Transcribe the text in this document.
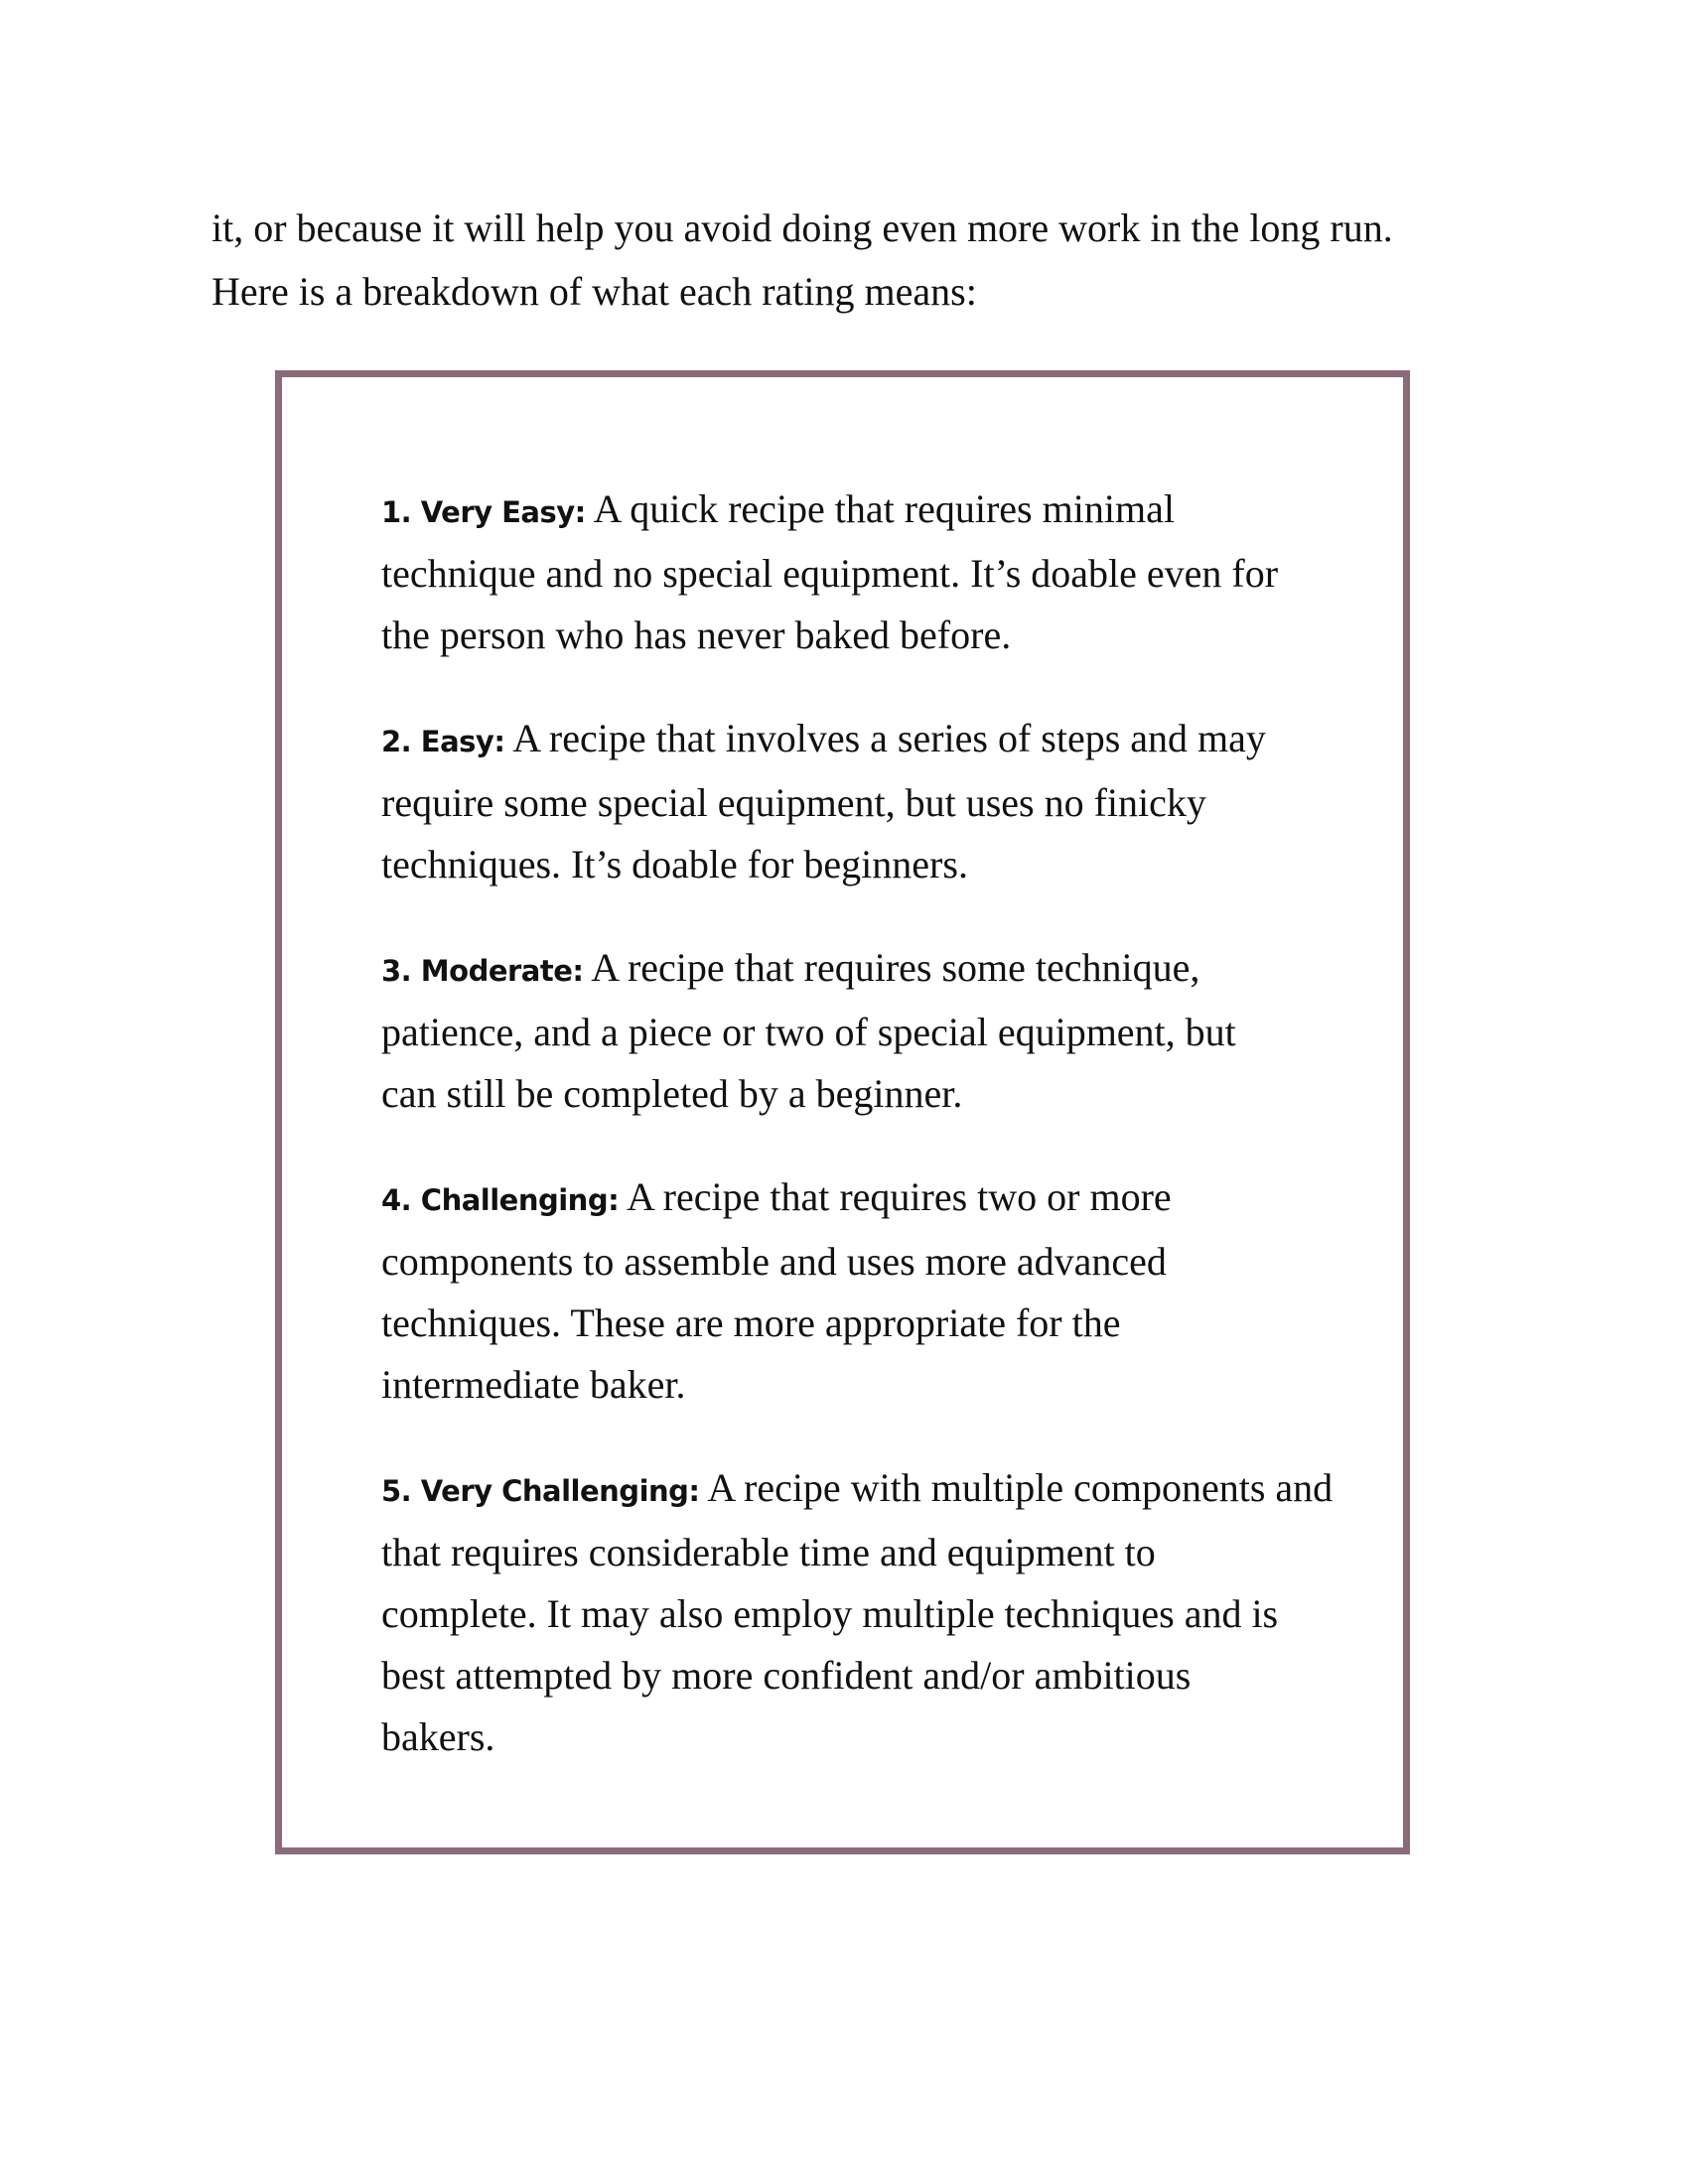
it, or because it will help you avoid doing even more work in the long run.
Here is a breakdown of what each rating means:

1. Very Easy: A quick recipe that requires minimal
technique and no special equipment. It’s doable even for
the person who has never baked before.
2. Easy: A recipe that involves a series of steps and may
require some special equipment, but uses no finicky
techniques. It’s doable for beginners.
3. Moderate: A recipe that requires some technique,
patience, and a piece or two of special equipment, but
can still be completed by a beginner.
4. Challenging: A recipe that requires two or more
components to assemble and uses more advanced
techniques. These are more appropriate for the
intermediate baker.
5. Very Challenging: A recipe with multiple components and
that requires considerable time and equipment to
complete. It may also employ multiple techniques and is
best attempted by more confident and/or ambitious
bakers.
